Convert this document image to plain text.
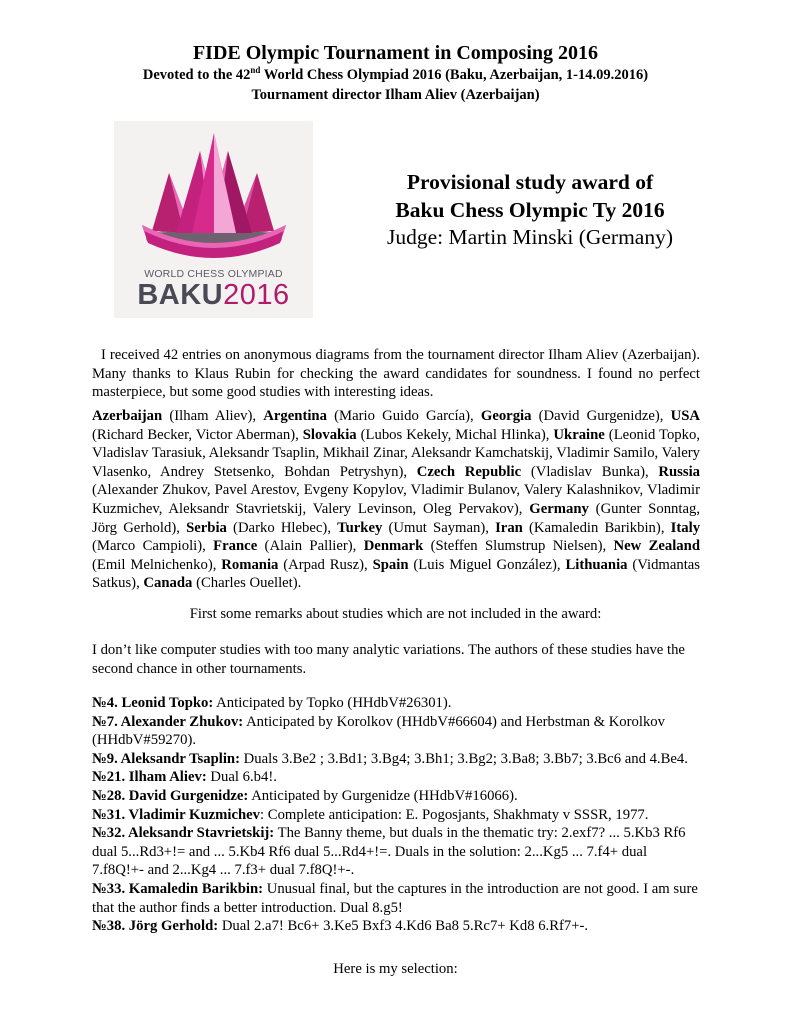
FIDE Olympic Tournament in Composing 2016
Devoted to the 42nd World Chess Olympiad 2016 (Baku, Azerbaijan, 1-14.09.2016)
Tournament director Ilham Aliev (Azerbaijan)
WORLD CHESS OLYMPIAD
BAKU2016
Provisional study award of
Baku Chess Olympic Ty 2016
Judge: Martin Minski (Germany)
I received 42 entries on anonymous diagrams from the tournament director Ilham Aliev (Azerbaijan). Many thanks to Klaus Rubin for checking the award candidates for soundness. I found no perfect masterpiece, but some good studies with interesting ideas.
Azerbaijan (Ilham Aliev), Argentina (Mario Guido García), Georgia (David Gurgenidze), USA (Richard Becker, Victor Aberman), Slovakia (Lubos Kekely, Michal Hlinka), Ukraine (Leonid Topko, Vladislav Tarasiuk, Aleksandr Tsaplin, Mikhail Zinar, Aleksandr Kamchatskij, Vladimir Samilo, Valery Vlasenko, Andrey Stetsenko, Bohdan Petryshyn), Czech Republic (Vladislav Bunka), Russia (Alexander Zhukov, Pavel Arestov, Evgeny Kopylov, Vladimir Bulanov, Valery Kalashnikov, Vladimir Kuzmichev, Aleksandr Stavrietskij, Valery Levinson, Oleg Pervakov), Germany (Gunter Sonntag, Jörg Gerhold), Serbia (Darko Hlebec), Turkey (Umut Sayman), Iran (Kamaledin Barikbin), Italy (Marco Campioli), France (Alain Pallier), Denmark (Steffen Slumstrup Nielsen), New Zealand (Emil Melnichenko), Romania (Arpad Rusz), Spain (Luis Miguel González), Lithuania (Vidmantas Satkus), Canada (Charles Ouellet).
First some remarks about studies which are not included in the award:
I don’t like computer studies with too many analytic variations. The authors of these studies have the second chance in other tournaments.
№4. Leonid Topko: Anticipated by Topko (HHdbV#26301).
№7. Alexander Zhukov: Anticipated by Korolkov (HHdbV#66604) and Herbstman & Korolkov (HHdbV#59270).
№9. Aleksandr Tsaplin: Duals 3.Be2 ; 3.Bd1; 3.Bg4; 3.Bh1; 3.Bg2; 3.Ba8; 3.Bb7; 3.Bc6 and 4.Be4.
№21. Ilham Aliev: Dual 6.b4!.
№28. David Gurgenidze: Anticipated by Gurgenidze (HHdbV#16066).
№31. Vladimir Kuzmichev: Complete anticipation: E. Pogosjants, Shakhmaty v SSSR, 1977.
№32. Aleksandr Stavrietskij: The Banny theme, but duals in the thematic try: 2.exf7? ... 5.Kb3 Rf6 dual 5...Rd3+!= and ... 5.Kb4 Rf6 dual 5...Rd4+!=. Duals in the solution: 2...Kg5 ... 7.f4+ dual 7.f8Q!+- and 2...Kg4 ... 7.f3+ dual 7.f8Q!+-.
№33. Kamaledin Barikbin: Unusual final, but the captures in the introduction are not good. I am sure that the author finds a better introduction. Dual 8.g5!
№38. Jörg Gerhold: Dual 2.a7! Bc6+ 3.Ke5 Bxf3 4.Kd6 Ba8 5.Rc7+ Kd8 6.Rf7+-.
Here is my selection:
